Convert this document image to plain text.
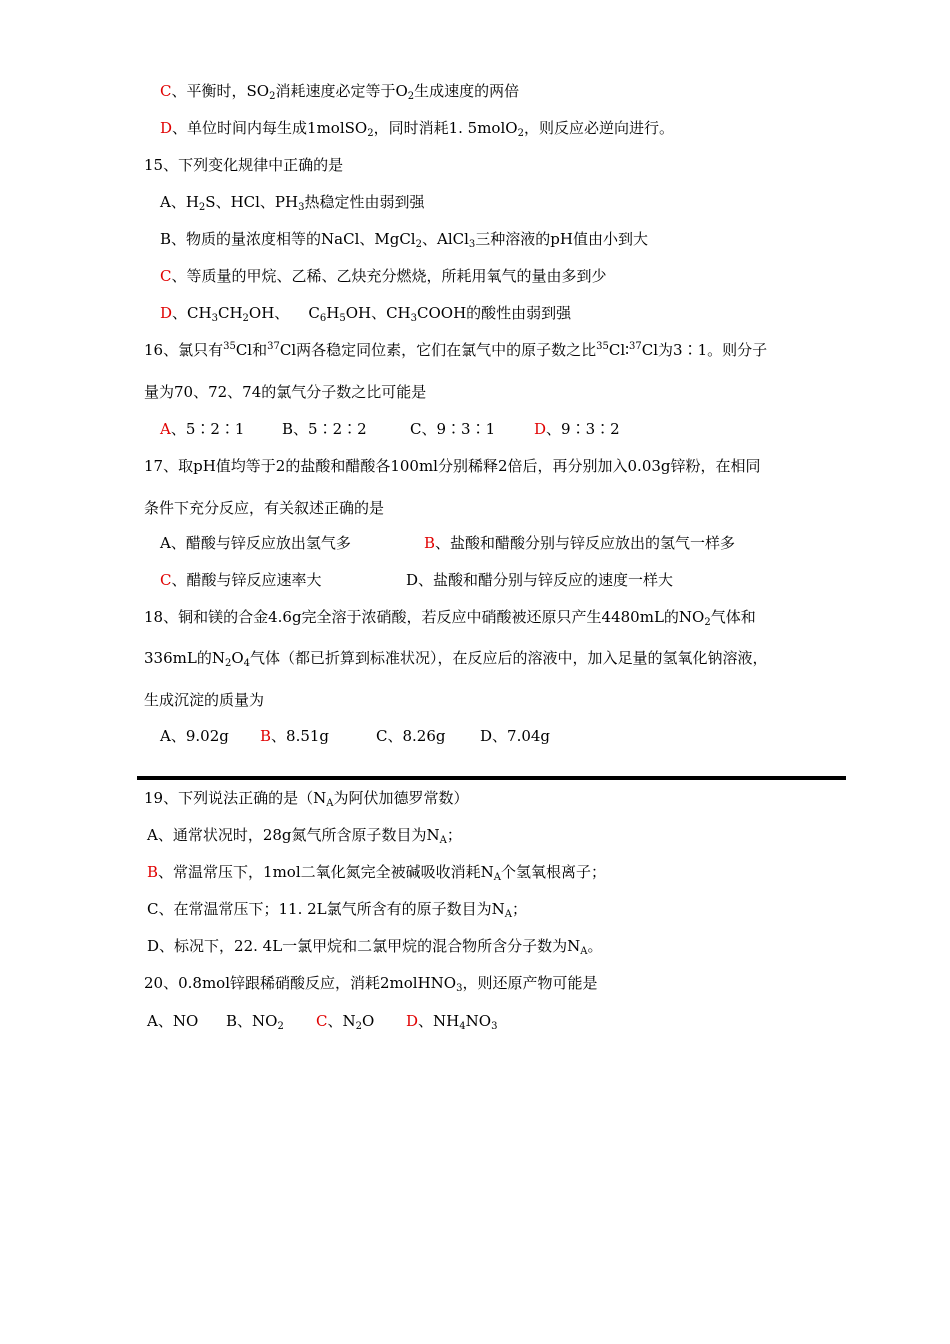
C、平衡时，$SO_2$消耗速度必定等于$O_2$生成速度的两倍
D、单位时间内每生成1molSO$_2$，同时消耗1. 5molO$_2$，则反应必逆向进行。
15、下列变化规律中正确的是
A、$H_2S$、HCl、$PH_3$热稳定性由弱到强
B、物质的量浓度相等的NaCl、MgCl$_2$、AlCl$_3$三种溶液的pH值由小到大
C、等质量的甲烷、乙稀、乙炔充分燃烧，所耗用氧气的量由多到少
D、$CH_3CH_2OH$、    $C_6H_5OH$、$CH_3COOH$的酸性由弱到强
16、氯只有$^{35}$Cl和$^{37}$Cl两各稳定同位素，它们在氯气中的原子数之比$^{35}$Cl∶$^{37}$Cl为3∶1。则分子
量为70、72、74的氯气分子数之比可能是
A、5∶2∶1	B、5∶2∶2	C、9∶3∶1	D、9∶3∶2
17、取pH值均等于2的盐酸和醋酸各100ml分别稀释2倍后，再分别加入0.03g锌粉，在相同
条件下充分反应，有关叙述正确的是
A、醋酸与锌反应放出氢气多	B、盐酸和醋酸分别与锌反应放出的氢气一样多
C、醋酸与锌反应速率大	D、盐酸和醋分别与锌反应的速度一样大
18、铜和镁的合金4.6g完全溶于浓硝酸，若反应中硝酸被还原只产生4480mL的$NO_2$气体和
336mL的$N_2O_4$气体（都已折算到标准状况），在反应后的溶液中，加入足量的氢氧化钠溶液，
生成沉淀的质量为
A、9.02g B、8.51g	C、8.26g D、7.04g
19、下列说法正确的是（$N_A$为阿伏加德罗常数）
A、通常状况时，28g氮气所含原子数目为$N_A$；
B、常温常压下，1mol二氧化氮完全被碱吸收消耗$N_A$个氢氧根离子；
C、在常温常压下；11. 2L氯气所含有的原子数目为$N_A$；
D、标况下，22. 4L一氯甲烷和二氯甲烷的混合物所含分子数为$N_A$。
20、0.8mol锌跟稀硝酸反应，消耗2molHNO$_3$，则还原产物可能是
A、NO B、$NO_2$ C、$N_2O$ D、$NH_4NO_3$
